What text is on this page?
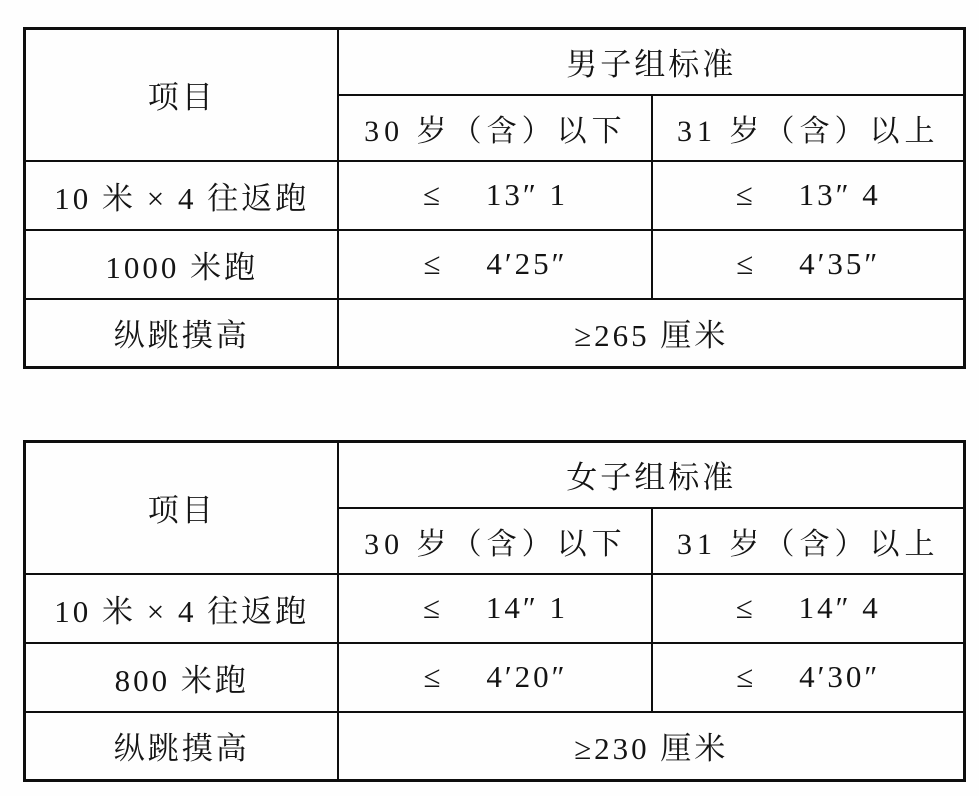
项目	男子组标准	
	30 岁（含）以下	31 岁（含）以上
10 米 × 4 往返跑	≤    13″ 1	≤    13″ 4
1000 米跑	≤    4′25″	≤    4′35″
纵跳摸高	≥265 厘米	
项目	女子组标准	
	30 岁（含）以下	31 岁（含）以上
10 米 × 4 往返跑	≤    14″ 1	≤    14″ 4
800 米跑	≤    4′20″	≤    4′30″
纵跳摸高	≥230 厘米	
